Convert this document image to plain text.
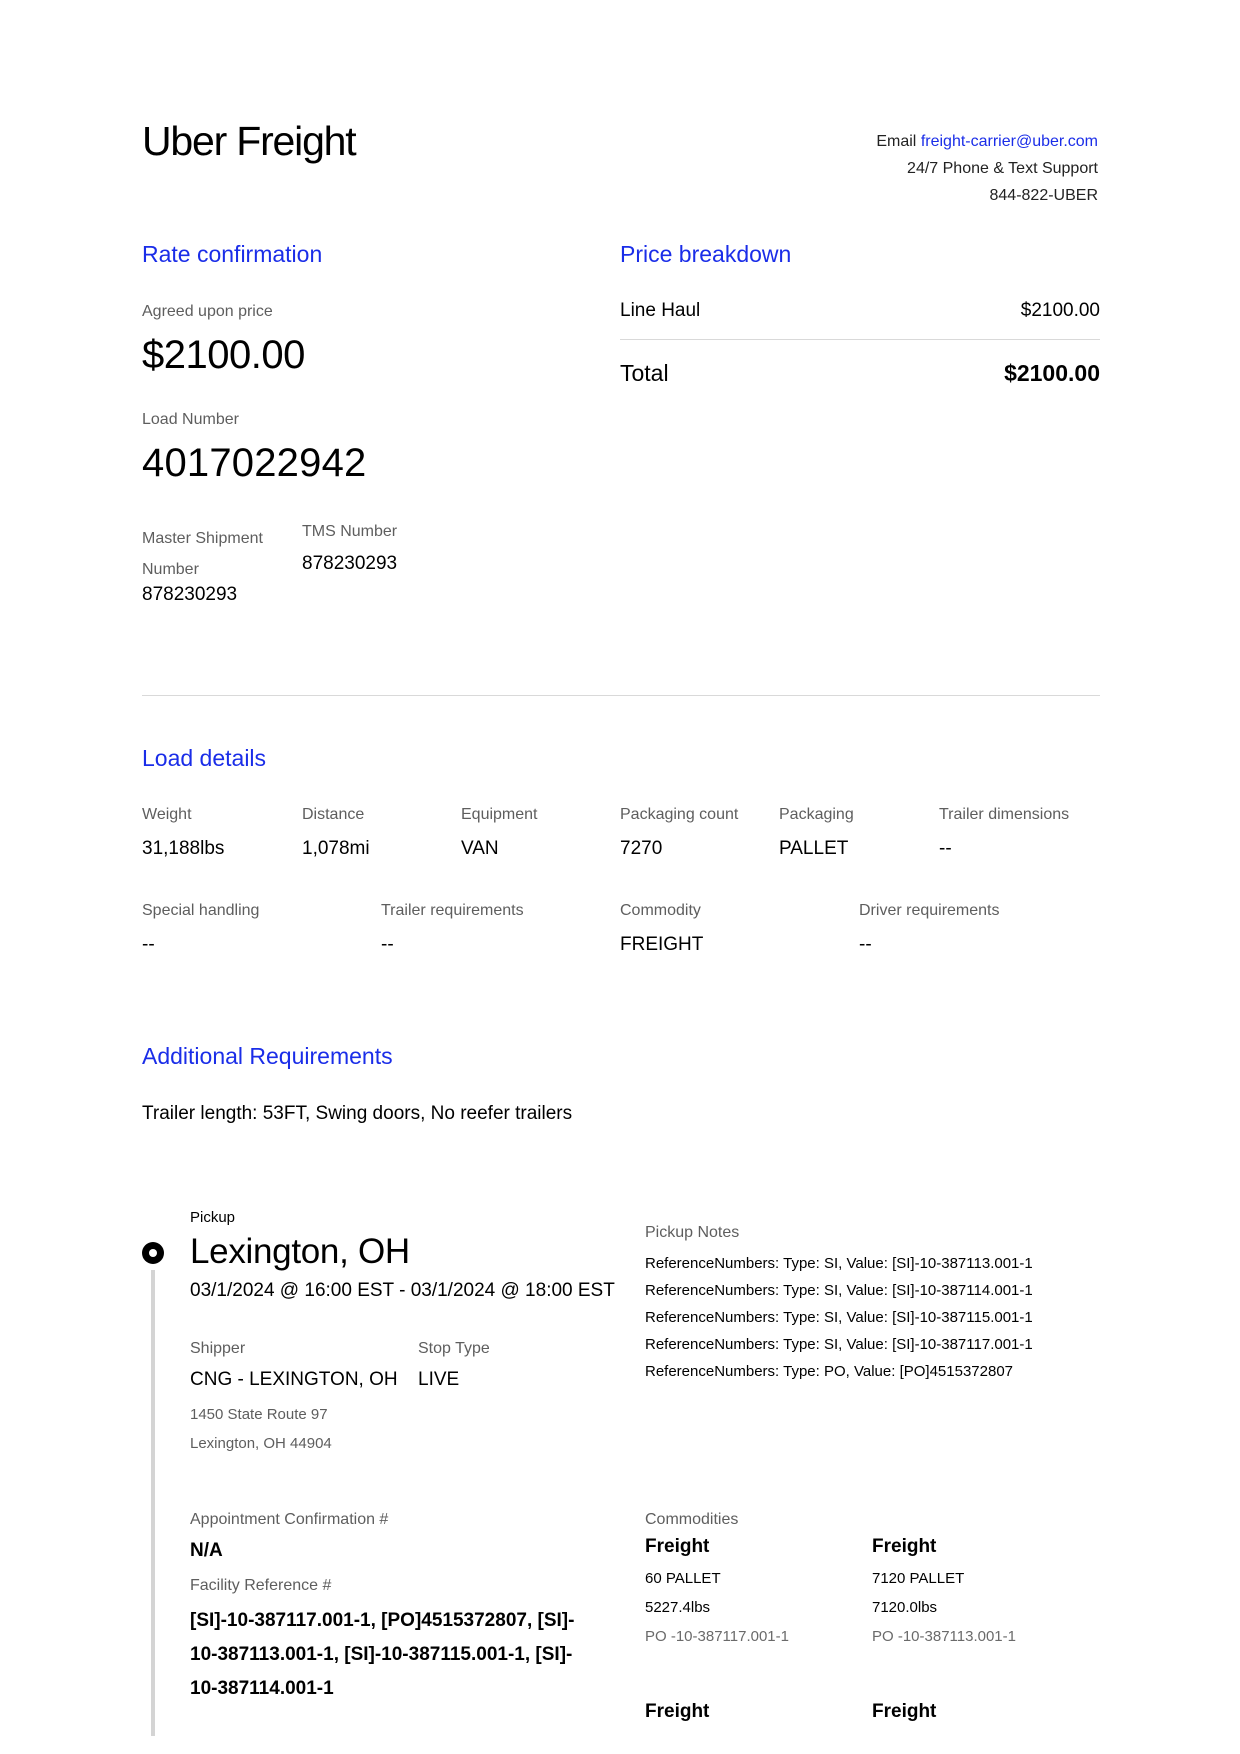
Uber Freight	Email freight-carrier@uber.com
24/7 Phone & Text Support
844-822-UBER
Rate confirmation
Agreed upon price
$2100.00
Load Number
4017022942
Master Shipment
Number
878230293
TMS Number
878230293
Price breakdown
Line Haul	$2100.00
Total	$2100.00
Load details
Weight
31,188lbs
Distance
1,078mi
Equipment
VAN
Packaging count
7270
Packaging
PALLET
Trailer dimensions
--
Special handling
--
Trailer requirements
--
Commodity
FREIGHT
Driver requirements
--
Additional Requirements
Trailer length: 53FT, Swing doors, No reefer trailers
Pickup
Lexington, OH
03/1/2024 @ 16:00 EST - 03/1/2024 @ 18:00 EST
Shipper
CNG - LEXINGTON, OH
1450 State Route 97
Lexington, OH 44904
Stop Type
LIVE
Pickup Notes
ReferenceNumbers: Type: SI, Value: [SI]-10-387113.001-1
ReferenceNumbers: Type: SI, Value: [SI]-10-387114.001-1
ReferenceNumbers: Type: SI, Value: [SI]-10-387115.001-1
ReferenceNumbers: Type: SI, Value: [SI]-10-387117.001-1
ReferenceNumbers: Type: PO, Value: [PO]4515372807
Appointment Confirmation #
N/A
Facility Reference #
[SI]-10-387117.001-1, [PO]4515372807, [SI]-
10-387113.001-1, [SI]-10-387115.001-1, [SI]-
10-387114.001-1
Commodities
Freight
60 PALLET
5227.4lbs
PO -10-387117.001-1
Freight
7120 PALLET
7120.0lbs
PO -10-387113.001-1
Freight	Freight
